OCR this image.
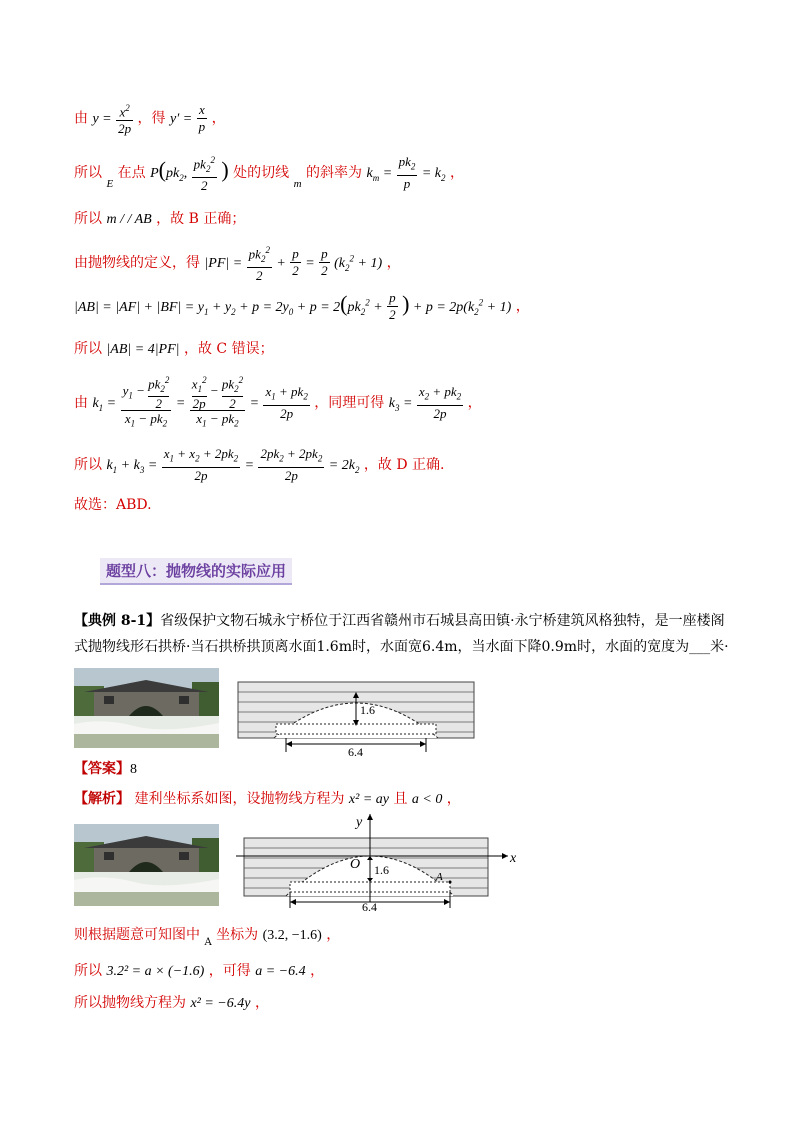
由 $y = \frac{x^2}{2p}$ ，得 $y' = \frac{x}{p}$ ，
所以 $_E$ 在点 $P(pk_2$, $\frac{pk_2^2}{2}$ ) 处的切线 $_m$ 的斜率为 $k_m = \frac{pk_2}{p} = k_2$ ，
所以 m / / AB ，故 B 正确；
由抛物线的定义，得 $|PF| = \frac{pk_2^2}{2} + \frac{p}{2} = \frac{p}{2} (k_2^2 + 1)$ ，
$|AB| = |AF| + |BF| = y_1 + y_2 + p = 2y_0 + p = 2(pk_2^2 + \frac{p}{2}$ ) + $p = 2p(k_2^2 + 1)$ ，
所以 |AB| = 4|PF| ，故 C 错误；
由 $k_1 = \frac{y_1 - \frac{pk_2^2}{2}}{x_1 - pk_2} = \frac{\frac{x_1^2}{2p} - \frac{pk_2^2}{2}}{x_1 - pk_2} = \frac{x_1 + pk_2}{2p}$ ，同理可得 $k_3 = \frac{x_2 + pk_2}{2p}$ ，
所以 $k_1 + k_3 = \frac{x_1 + x_2 + 2pk_2}{2p} = \frac{2pk_2 + 2pk_2}{2p} = 2k_2$ ，故 D 正确.
故选：ABD.
题型八：抛物线的实际应用
【典例 8-1】省级保护文物石城永宁桥位于江西省赣州市石城县高田镇·永宁桥建筑风格独特，是一座楼阁
式抛物线形石拱桥·当石拱桥拱顶离水面1.6m时，水面宽6.4m，当水面下降0.9m时，水面的宽度为___米·
1.6
6.4
【答案】8
【解析】 建利坐标系如图，设抛物线方程为 x² = ay 且 a < 0 ，
x
y
O 1.6	A
6.4
则根据题意可知图中 $_A$ 坐标为 (3.2, −1.6) ，
所以 3.2² = a × (−1.6) ，可得 a = −6.4 ，
所以抛物线方程为 x² = −6.4y ，
